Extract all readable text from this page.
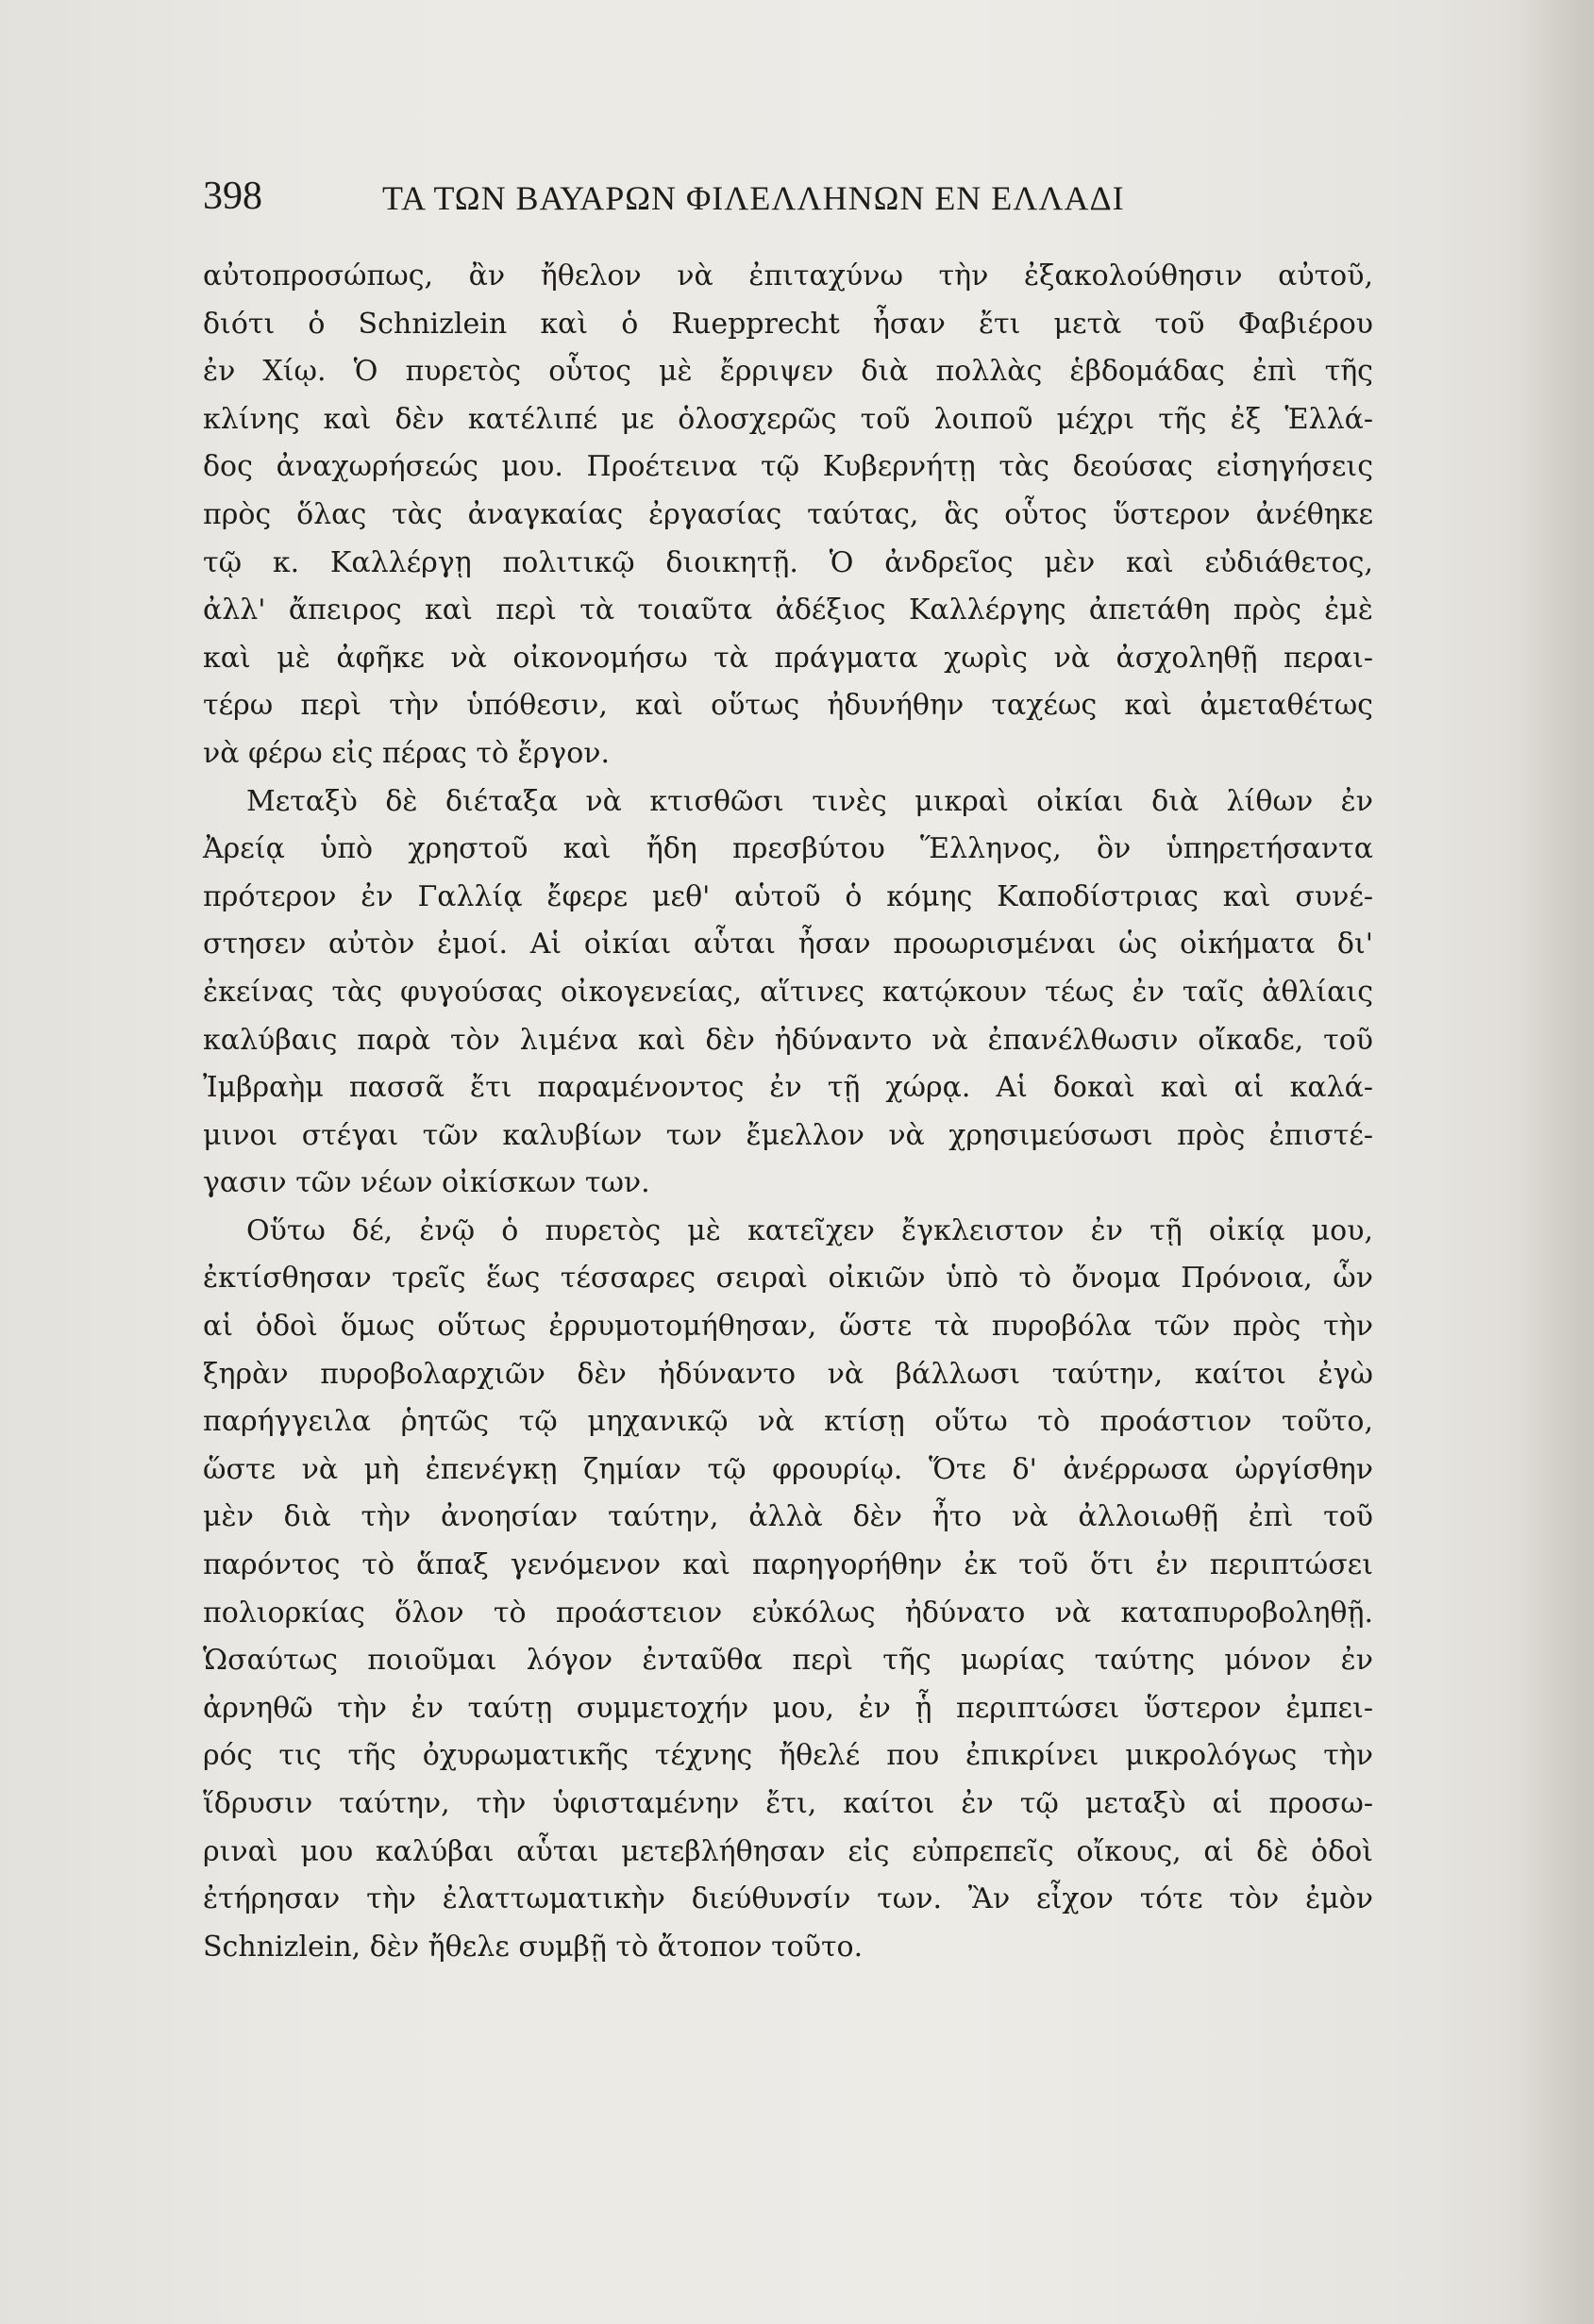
398	ΤΑ ΤΩΝ ΒΑΥΑΡΩΝ ΦΙΛΕΛΛΗΝΩΝ ΕΝ ΕΛΛΑΔΙ
αὐτοπροσώπως, ἂν ἤθελον νὰ ἐπιταχύνω τὴν ἐξακολούθησιν αὐτοῦ,
διότι ὁ Schnizlein καὶ ὁ Ruepprecht ἦσαν ἔτι μετὰ τοῦ Φαβιέρου
ἐν Χίῳ. Ὁ πυρετὸς οὗτος μὲ ἔρριψεν διὰ πολλὰς ἑβδομάδας ἐπὶ τῆς
κλίνης καὶ δὲν κατέλιπέ με ὁλοσχερῶς τοῦ λοιποῦ μέχρι τῆς ἐξ Ἑλλά-
δος ἀναχωρήσεώς μου. Προέτεινα τῷ Κυβερνήτῃ τὰς δεούσας εἰσηγήσεις
πρὸς ὅλας τὰς ἀναγκαίας ἐργασίας ταύτας, ἃς οὗτος ὕστερον ἀνέθηκε
τῷ κ. Καλλέργῃ πολιτικῷ διοικητῇ. Ὁ ἀνδρεῖος μὲν καὶ εὐδιάθετος,
ἀλλ' ἄπειρος καὶ περὶ τὰ τοιαῦτα ἀδέξιος Καλλέργης ἀπετάθη πρὸς ἐμὲ
καὶ μὲ ἀφῆκε νὰ οἰκονομήσω τὰ πράγματα χωρὶς νὰ ἀσχοληθῇ περαι-
τέρω περὶ τὴν ὑπόθεσιν, καὶ οὕτως ἠδυνήθην ταχέως καὶ ἀμεταθέτως
νὰ φέρω εἰς πέρας τὸ ἔργον.
Μεταξὺ δὲ διέταξα νὰ κτισθῶσι τινὲς μικραὶ οἰκίαι διὰ λίθων ἐν
Ἀρείᾳ ὑπὸ χρηστοῦ καὶ ἤδη πρεσβύτου Ἕλληνος, ὃν ὑπηρετήσαντα
πρότερον ἐν Γαλλίᾳ ἔφερε μεθ' αὑτοῦ ὁ κόμης Καποδίστριας καὶ συνέ-
στησεν αὐτὸν ἐμοί. Αἱ οἰκίαι αὗται ἦσαν προωρισμέναι ὡς οἰκήματα δι'
ἐκείνας τὰς φυγούσας οἰκογενείας, αἵτινες κατῴκουν τέως ἐν ταῖς ἀθλίαις
καλύβαις παρὰ τὸν λιμένα καὶ δὲν ἠδύναντο νὰ ἐπανέλθωσιν οἴκαδε, τοῦ
Ἰμβραὴμ πασσᾶ ἔτι παραμένοντος ἐν τῇ χώρᾳ. Αἱ δοκαὶ καὶ αἱ καλά-
μινοι στέγαι τῶν καλυβίων των ἔμελλον νὰ χρησιμεύσωσι πρὸς ἐπιστέ-
γασιν τῶν νέων οἰκίσκων των.
Οὕτω δέ, ἐνῷ ὁ πυρετὸς μὲ κατεῖχεν ἔγκλειστον ἐν τῇ οἰκίᾳ μου,
ἐκτίσθησαν τρεῖς ἕως τέσσαρες σειραὶ οἰκιῶν ὑπὸ τὸ ὄνομα Πρόνοια, ὧν
αἱ ὁδοὶ ὅμως οὕτως ἐρρυμοτομήθησαν, ὥστε τὰ πυροβόλα τῶν πρὸς τὴν
ξηρὰν πυροβολαρχιῶν δὲν ἠδύναντο νὰ βάλλωσι ταύτην, καίτοι ἐγὼ
παρήγγειλα ῥητῶς τῷ μηχανικῷ νὰ κτίσῃ οὕτω τὸ προάστιον τοῦτο,
ὥστε νὰ μὴ ἐπενέγκῃ ζημίαν τῷ φρουρίῳ. Ὅτε δ' ἀνέρρωσα ὠργίσθην
μὲν διὰ τὴν ἀνοησίαν ταύτην, ἀλλὰ δὲν ἦτο νὰ ἀλλοιωθῇ ἐπὶ τοῦ
παρόντος τὸ ἅπαξ γενόμενον καὶ παρηγορήθην ἐκ τοῦ ὅτι ἐν περιπτώσει
πολιορκίας ὅλον τὸ προάστειον εὐκόλως ἠδύνατο νὰ καταπυροβοληθῇ.
Ὡσαύτως ποιοῦμαι λόγον ἐνταῦθα περὶ τῆς μωρίας ταύτης μόνον ἐν
ἀρνηθῶ τὴν ἐν ταύτῃ συμμετοχήν μου, ἐν ᾗ περιπτώσει ὕστερον ἐμπει-
ρός τις τῆς ὀχυρωματικῆς τέχνης ἤθελέ που ἐπικρίνει μικρολόγως τὴν
ἵδρυσιν ταύτην, τὴν ὑφισταμένην ἔτι, καίτοι ἐν τῷ μεταξὺ αἱ προσω-
ριναὶ μου καλύβαι αὗται μετεβλήθησαν εἰς εὐπρεπεῖς οἴκους, αἱ δὲ ὁδοὶ
ἐτήρησαν τὴν ἐλαττωματικὴν διεύθυνσίν των. Ἂν εἶχον τότε τὸν ἐμὸν
Schnizlein, δὲν ἤθελε συμβῇ τὸ ἄτοπον τοῦτο.
